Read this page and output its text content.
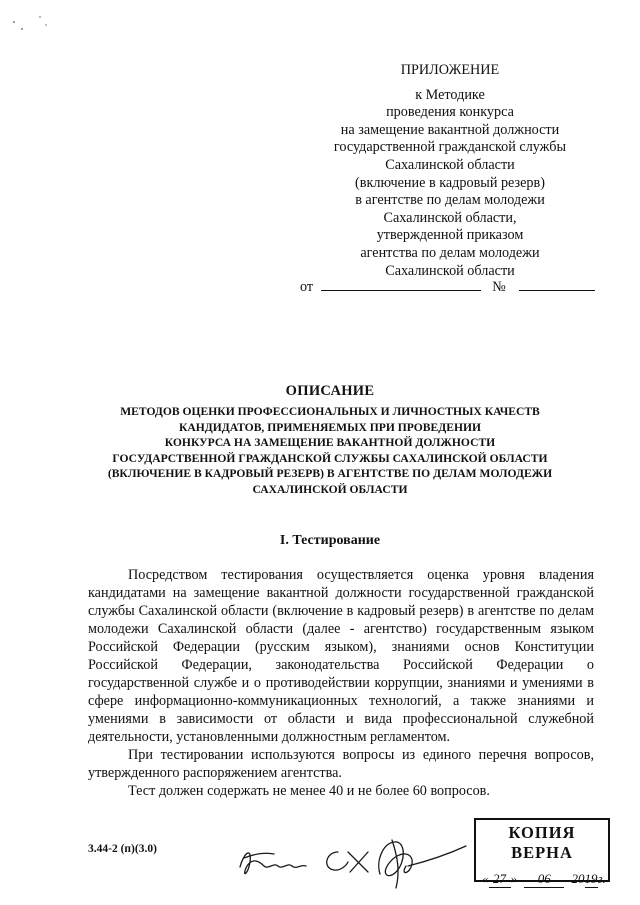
ПРИЛОЖЕНИЕ
к Методике
проведения конкурса
на замещение вакантной должности
государственной гражданской службы
Сахалинской области
(включение в кадровый резерв)
в агентстве по делам молодежи
Сахалинской области,
утвержденной приказом
агентства по делам молодежи
Сахалинской области
от	№
ОПИСАНИЕ
МЕТОДОВ ОЦЕНКИ ПРОФЕССИОНАЛЬНЫХ И ЛИЧНОСТНЫХ КАЧЕСТВ
КАНДИДАТОВ, ПРИМЕНЯЕМЫХ ПРИ ПРОВЕДЕНИИ
КОНКУРСА НА ЗАМЕЩЕНИЕ ВАКАНТНОЙ ДОЛЖНОСТИ
ГОСУДАРСТВЕННОЙ ГРАЖДАНСКОЙ СЛУЖБЫ САХАЛИНСКОЙ ОБЛАСТИ
(ВКЛЮЧЕНИЕ В КАДРОВЫЙ РЕЗЕРВ) В АГЕНТСТВЕ ПО ДЕЛАМ МОЛОДЕЖИ
САХАЛИНСКОЙ ОБЛАСТИ
I. Тестирование

Посредством тестирования осуществляется оценка уровня владения кандидатами на замещение вакантной должности государственной гражданской службы Сахалинской области (включение в кадровый резерв) в агентстве по делам молодежи Сахалинской области (далее - агентство) государственным языком Российской Федерации (русским языком), знаниями основ Конституции Российской Федерации, законодательства Российской Федерации о государственной службе и о противодействии коррупции, знаниями и умениями в сфере информационно-коммуникационных технологий, а также знаниями и умениями в зависимости от области и вида профессиональной служебной деятельности, установленными должностным регламентом.

При тестировании используются вопросы из единого перечня вопросов, утвержденного распоряжением агентства.

Тест должен содержать не менее 40 и не более 60 вопросов.

3.44-2 (п)(3.0)
КОПИЯ ВЕРНА
« 27 » 06 2019г.
